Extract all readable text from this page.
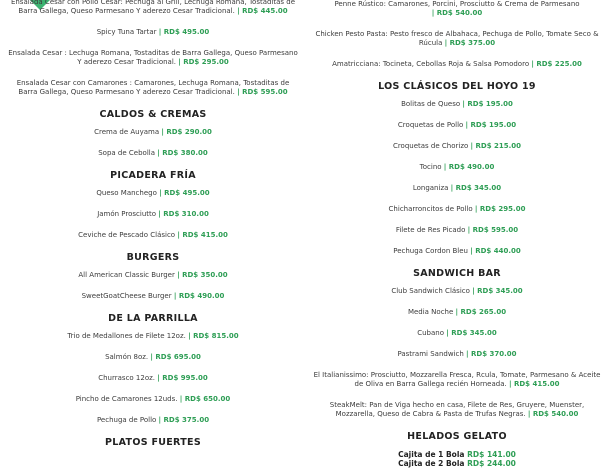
Ensalada Cesar con Pollo Cesar: Pechuga al Grill, Lechuga Romana, Tostaditas de Barra Gallega, Queso Parmesano Y aderezo Cesar Tradicional. | RD$ 445.00
Spicy Tuna Tartar | RD$ 495.00
Ensalada Cesar : Lechuga Romana, Tostaditas de Barra Gallega, Queso Parmesano Y aderezo Cesar Tradicional. | RD$ 295.00
Ensalada Cesar con Camarones : Camarones, Lechuga Romana, Tostaditas de Barra Gallega, Queso Parmesano Y aderezo Cesar Tradicional. | RD$ 595.00
CALDOS & CREMAS
Crema de Auyama | RD$ 290.00
Sopa de Cebolla | RD$ 380.00
PICADERA FRÍA
Queso Manchego | RD$ 495.00
Jamón Prosciutto | RD$ 310.00
Ceviche de Pescado Clásico | RD$ 415.00
BURGERS
All American Classic Burger | RD$ 350.00
SweetGoatCheese Burger | RD$ 490.00
DE LA PARRILLA
Trio de Medallones de Filete 12oz. | RD$ 815.00
Salmón 8oz. | RD$ 695.00
Churrasco 12oz. | RD$ 995.00
Pincho de Camarones 12uds. | RD$ 650.00
Pechuga de Pollo | RD$ 375.00
PLATOS FUERTES
Penne Rústico: Camarones, Porcini, Prosciutto & Crema de Parmesano | RD$ 540.00
Chicken Pesto Pasta: Pesto fresco de Albahaca, Pechuga de Pollo, Tomate Seco & Rúcula | RD$ 375.00
Amatricciana: Tocineta, Cebollas Roja & Salsa Pomodoro | RD$ 225.00
LOS CLÁSICOS DEL HOYO 19
Bolitas de Queso | RD$ 195.00
Croquetas de Pollo | RD$ 195.00
Croquetas de Chorizo | RD$ 215.00
Tocino | RD$ 490.00
Longaniza | RD$ 345.00
Chicharroncitos de Pollo | RD$ 295.00
Filete de Res Picado | RD$ 595.00
Pechuga Cordon Bleu | RD$ 440.00
SANDWICH BAR
Club Sandwich Clásico | RD$ 345.00
Media Noche | RD$ 265.00
Cubano | RD$ 345.00
Pastrami Sandwich | RD$ 370.00
El Italianissimo: Prosciutto, Mozzarella Fresca, Rcula, Tomate, Parmesano & Aceite de Oliva en Barra Gallega recién Horneada. | RD$ 415.00
SteakMelt: Pan de Viga hecho en casa, Filete de Res, Gruyere, Muenster, Mozzarella, Queso de Cabra & Pasta de Trufas Negras. | RD$ 540.00
HELADOS GELATO
Cajita de 1 Bola RD$ 141.00
Cajita de 2 Bola RD$ 244.00
